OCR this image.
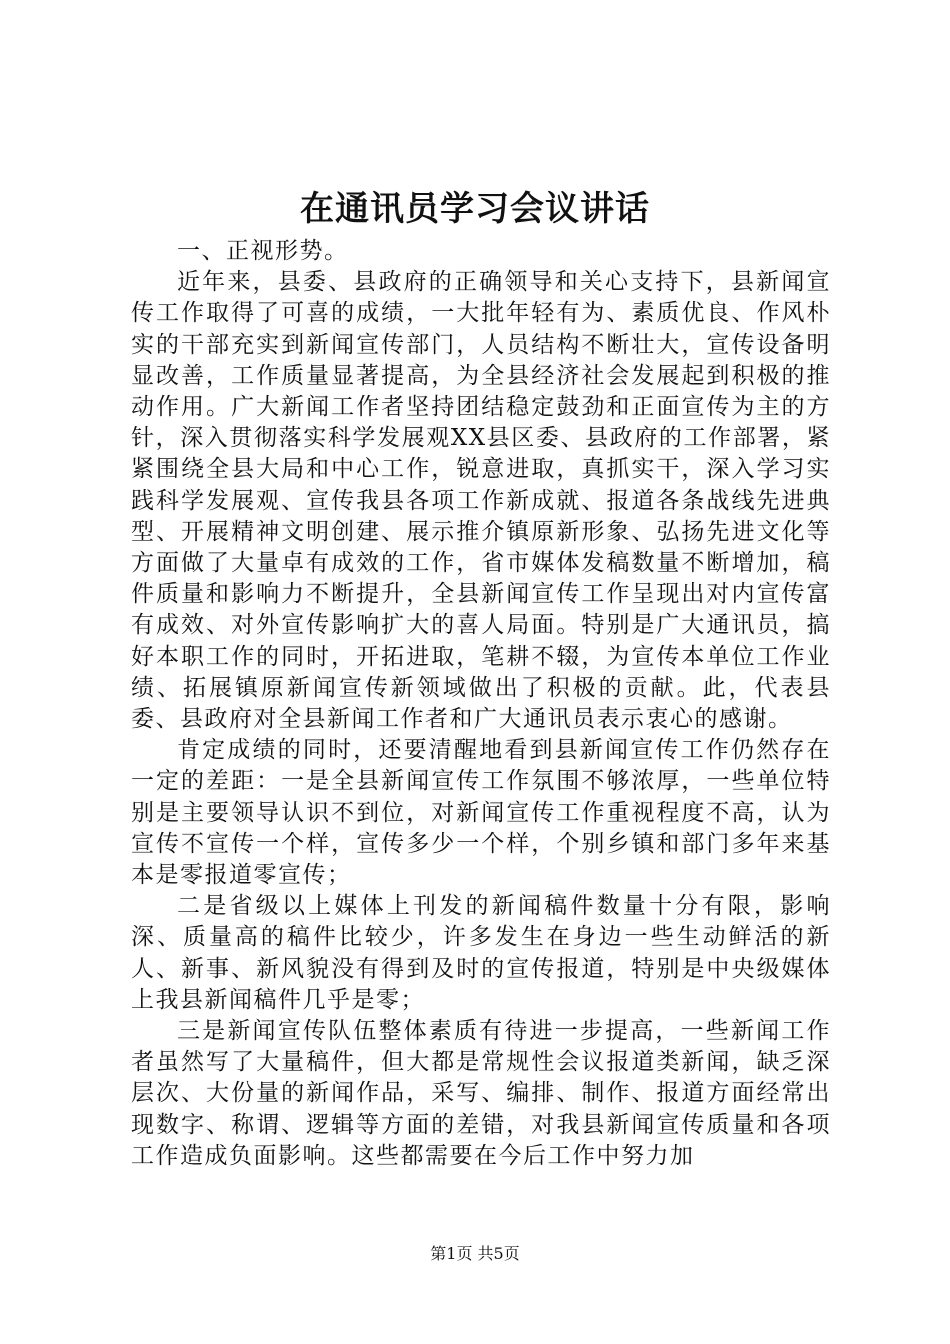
在通讯员学习会议讲话

一、正视形势。

近年来，县委、县政府的正确领导和关心支持下，县新闻宣传工作取得了可喜的成绩，一大批年轻有为、素质优良、作风朴实的干部充实到新闻宣传部门，人员结构不断壮大，宣传设备明显改善，工作质量显著提高，为全县经济社会发展起到积极的推动作用。广大新闻工作者坚持团结稳定鼓劲和正面宣传为主的方针，深入贯彻落实科学发展观XX县区委、县政府的工作部署，紧紧围绕全县大局和中心工作，锐意进取，真抓实干，深入学习实践科学发展观、宣传我县各项工作新成就、报道各条战线先进典型、开展精神文明创建、展示推介镇原新形象、弘扬先进文化等方面做了大量卓有成效的工作，省市媒体发稿数量不断增加，稿件质量和影响力不断提升，全县新闻宣传工作呈现出对内宣传富有成效、对外宣传影响扩大的喜人局面。特别是广大通讯员，搞好本职工作的同时，开拓进取，笔耕不辍，为宣传本单位工作业绩、拓展镇原新闻宣传新领域做出了积极的贡献。此，代表县委、县政府对全县新闻工作者和广大通讯员表示衷心的感谢。

肯定成绩的同时，还要清醒地看到县新闻宣传工作仍然存在一定的差距：一是全县新闻宣传工作氛围不够浓厚，一些单位特别是主要领导认识不到位，对新闻宣传工作重视程度不高，认为宣传不宣传一个样，宣传多少一个样，个别乡镇和部门多年来基本是零报道零宣传；

二是省级以上媒体上刊发的新闻稿件数量十分有限，影响深、质量高的稿件比较少，许多发生在身边一些生动鲜活的新人、新事、新风貌没有得到及时的宣传报道，特别是中央级媒体上我县新闻稿件几乎是零；

三是新闻宣传队伍整体素质有待进一步提高，一些新闻工作者虽然写了大量稿件，但大都是常规性会议报道类新闻，缺乏深层次、大份量的新闻作品，采写、编排、制作、报道方面经常出现数字、称谓、逻辑等方面的差错，对我县新闻宣传质量和各项工作造成负面影响。这些都需要在今后工作中努力加

第1页 共5页
